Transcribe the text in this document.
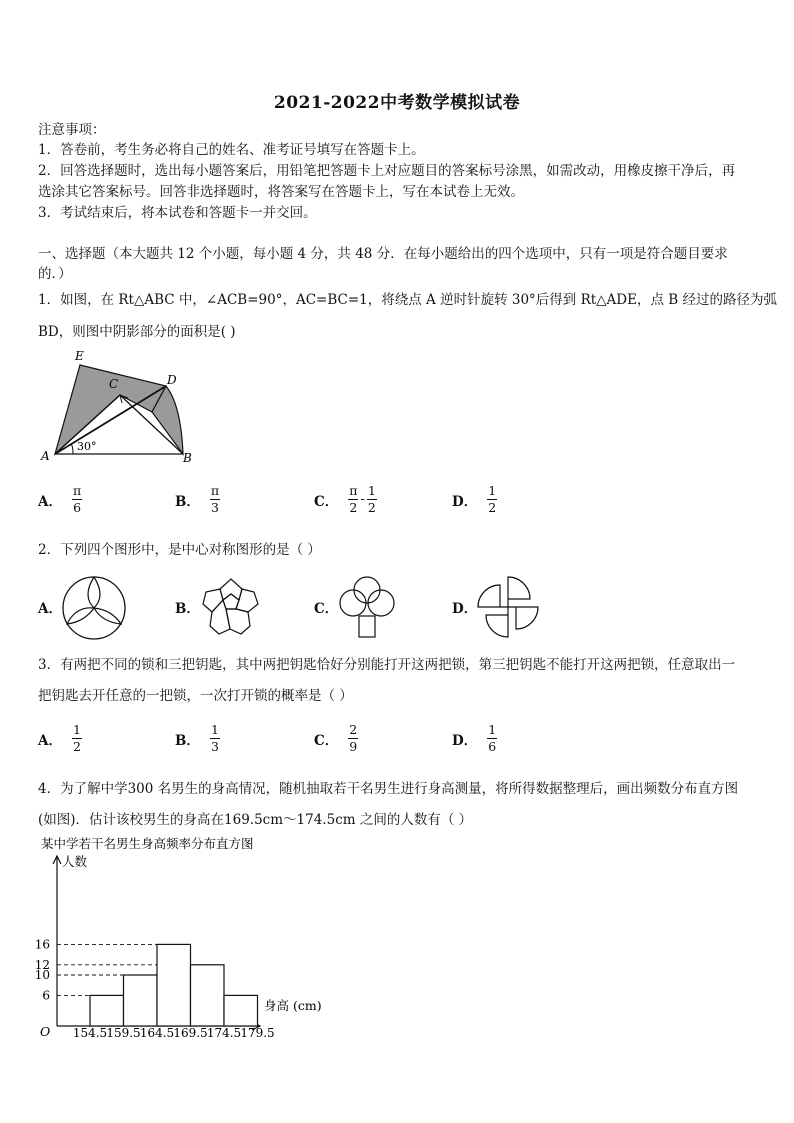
2021-2022中考数学模拟试卷
注意事项：
1．答卷前，考生务必将自己的姓名、准考证号填写在答题卡上。
2．回答选择题时，选出每小题答案后，用铅笔把答题卡上对应题目的答案标号涂黑，如需改动，用橡皮擦干净后，再
选涂其它答案标号。回答非选择题时，将答案写在答题卡上，写在本试卷上无效。
3．考试结束后，将本试卷和答题卡一并交回。
一、选择题（本大题共 12 个小题，每小题 4 分，共 48 分．在每小题给出的四个选项中，只有一项是符合题目要求
的．）
1．如图，在 Rt△ABC 中，∠ACB=90°，AC=BC=1，将绕点 A 逆时针旋转 30°后得到 Rt△ADE，点 B 经过的路径为弧
BD，则图中阴影部分的面积是( )
E
C	D
A	B
30°
A． $\frac{\pi}{6}$	B． $\frac{\pi}{3}$	C． $\frac{\pi}{2} - \frac{1}{2}$	D． $\frac{1}{2}$
2．下列四个图形中，是中心对称图形的是（ ）
A．	B．	C．	D．
3．有两把不同的锁和三把钥匙，其中两把钥匙恰好分别能打开这两把锁，第三把钥匙不能打开这两把锁，任意取出一
把钥匙去开任意的一把锁，一次打开锁的概率是（ ）
A． $\frac{1}{2}$	B． $\frac{1}{3}$	C． $\frac{2}{9}$	D． $\frac{1}{6}$
4．为了解中学300 名男生的身高情况，随机抽取若干名男生进行身高测量，将所得数据整理后，画出频数分布直方图
(如图)．估计该校男生的身高在169.5cm～174.5cm 之间的人数有（ ）
某中学若干名男生身高频率分布直方图
人数
身高 (cm)
O
6
10
12
16
154.5 159.5 164.5 169.5 174.5 179.5
